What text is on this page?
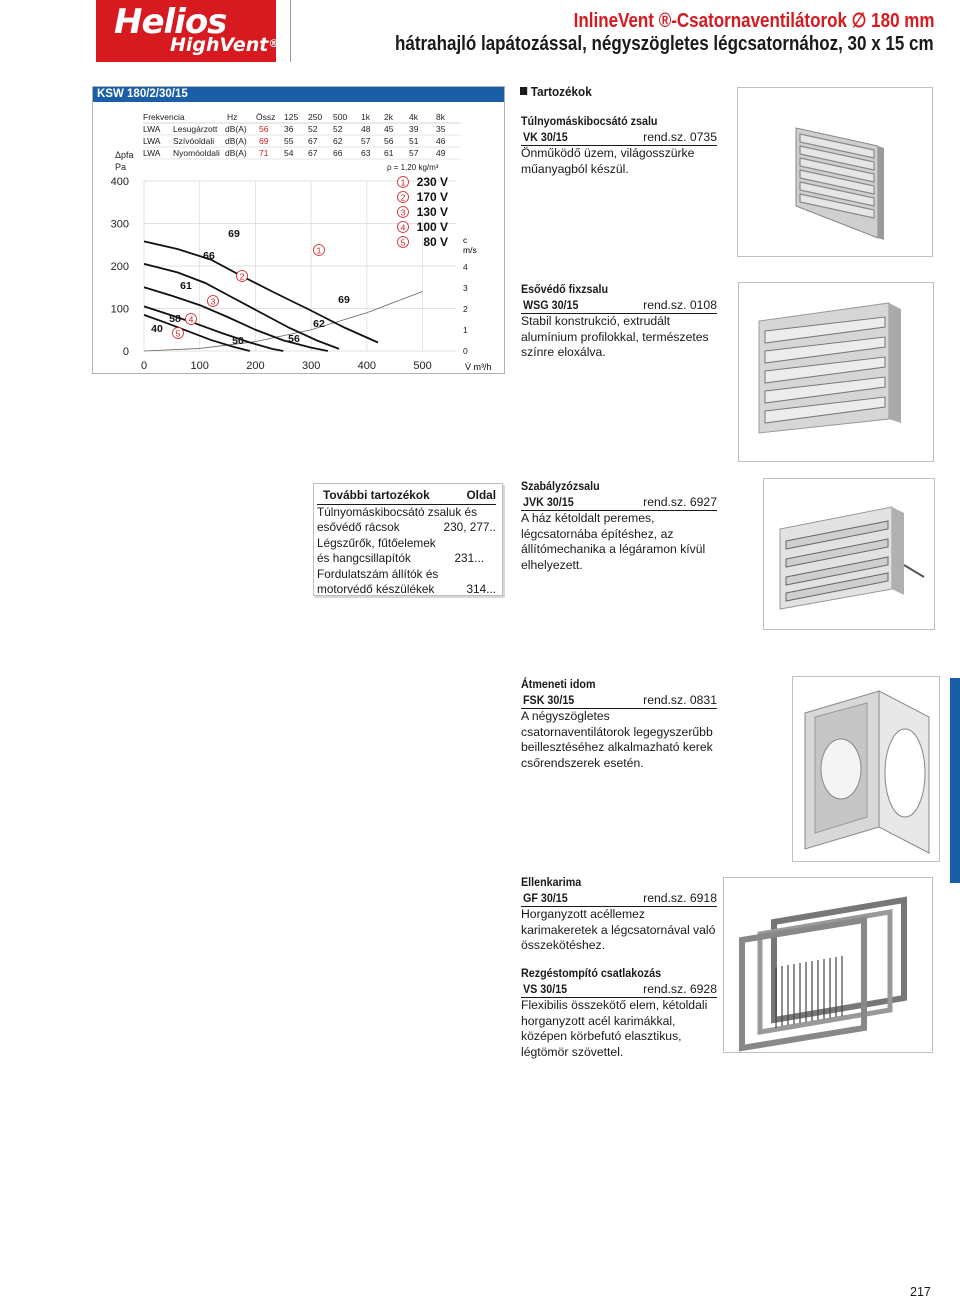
Helios
HighVent®
InlineVent ®-Csatornaventilátorok ∅ 180 mm
hátrahajló lapátozással, négyszögletes légcsatornához, 30 x 15 cm
Frekvencia	Hz Össz 125 250 500 1k 2k 4k 8k
LWA Lesugárzott dB(A) 56 36 52 52 48 45 39 35
LWA Szívóoldali dB(A) 69 55 67 62 57 56 51 46
LWA Nyomóoldali dB(A) 71 54 67 66 63 61 57 49
Δpfa
Pa	ρ = 1,20 kg/m³
0	100	200	300	400	500
0
100
200
300
400
0
1
2
3
4
c
m/s
V̇ m³/h
1
2
3
4
5
1 230 V
2 170 V
3 130 V
4 100 V
5 80 V
69
66
61
58
40
50	56
62
69
KSW 180/2/30/15	Tartozékok
Túlnyomáskibocsátó zsalu
VK 30/15	rend.sz. 0735
Önműködő üzem, világosszürke műanyagból készül.
Esővédő fixzsalu
WSG 30/15	rend.sz. 0108
Stabil konstrukció, extrudált alumínium profilokkal, természetes színre eloxálva.
Szabályzózsalu
JVK 30/15	rend.sz. 6927
A ház kétoldalt peremes, légcsatornába építéshez, az állítómechanika a légáramon kívül elhelyezett.
Átmeneti idom
FSK 30/15	rend.sz. 0831
A négyszögletes csatornaventilátorok legegyszerűbb beillesztéséhez alkalmazható kerek csőrendszerek esetén.
Ellenkarima
GF 30/15	rend.sz. 6918
Horganyzott acéllemez karimakeretek a légcsatornával való összekötéshez.
Rezgéstompító csatlakozás
VS 30/15	rend.sz. 6928
Flexibilis összekötő elem, kétoldali horganyzott acél karimákkal, középen körbefutó elasztikus, légtömör szövettel.
További tartozékok	Oldal
Túlnyomáskibocsátó zsaluk és
esővédő rácsok	230, 277..
Légszűrők, fűtőelemek
és hangcsillapítók	231...
Fordulatszám állítók és
motorvédő készülékek	314...
217
